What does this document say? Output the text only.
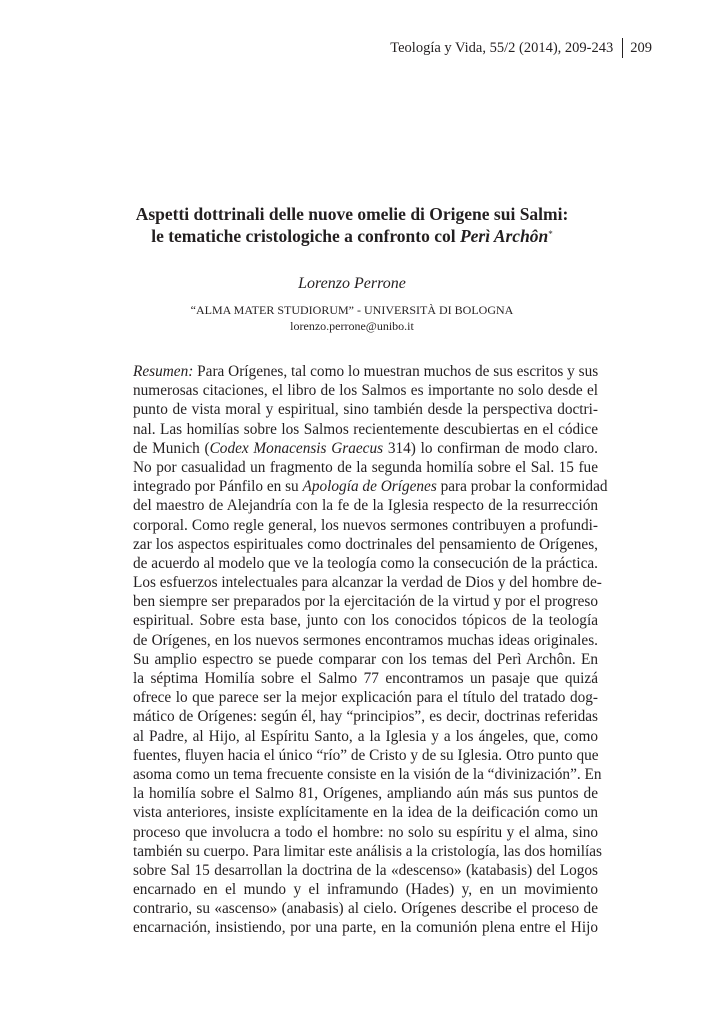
Teología y Vida, 55/2 (2014), 209-243 209
Aspetti dottrinali delle nuove omelie di Origene sui Salmi:
le tematiche cristologiche a confronto col Perì Archôn*
Lorenzo Perrone
“ALMA MATER STUDIORUM” - UNIVERSITÀ DI BOLOGNA
lorenzo.perrone@unibo.it
Resumen: Para Orígenes, tal como lo muestran muchos de sus escritos y sus
numerosas citaciones, el libro de los Salmos es importante no solo desde el
punto de vista moral y espiritual, sino también desde la perspectiva doctri-
nal. Las homilías sobre los Salmos recientemente descubiertas en el códice
de Munich (Codex Monacensis Graecus 314) lo confirman de modo claro.
No por casualidad un fragmento de la segunda homilía sobre el Sal. 15 fue
integrado por Pánfilo en su Apología de Orígenes para probar la conformidad
del maestro de Alejandría con la fe de la Iglesia respecto de la resurrección
corporal. Como regle general, los nuevos sermones contribuyen a profundi-
zar los aspectos espirituales como doctrinales del pensamiento de Orígenes,
de acuerdo al modelo que ve la teología como la consecución de la práctica.
Los esfuerzos intelectuales para alcanzar la verdad de Dios y del hombre de-
ben siempre ser preparados por la ejercitación de la virtud y por el progreso
espiritual. Sobre esta base, junto con los conocidos tópicos de la teología
de Orígenes, en los nuevos sermones encontramos muchas ideas originales.
Su amplio espectro se puede comparar con los temas del Perì Archôn. En
la séptima Homilía sobre el Salmo 77 encontramos un pasaje que quizá
ofrece lo que parece ser la mejor explicación para el título del tratado dog-
mático de Orígenes: según él, hay “principios”, es decir, doctrinas referidas
al Padre, al Hijo, al Espíritu Santo, a la Iglesia y a los ángeles, que, como
fuentes, fluyen hacia el único “río” de Cristo y de su Iglesia. Otro punto que
asoma como un tema frecuente consiste en la visión de la “divinización”. En
la homilía sobre el Salmo 81, Orígenes, ampliando aún más sus puntos de
vista anteriores, insiste explícitamente en la idea de la deificación como un
proceso que involucra a todo el hombre: no solo su espíritu y el alma, sino
también su cuerpo. Para limitar este análisis a la cristología, las dos homilías
sobre Sal 15 desarrollan la doctrina de la «descenso» (katabasis) del Logos
encarnado en el mundo y el inframundo (Hades) y, en un movimiento
contrario, su «ascenso» (anabasis) al cielo. Orígenes describe el proceso de
encarnación, insistiendo, por una parte, en la comunión plena entre el Hijo
